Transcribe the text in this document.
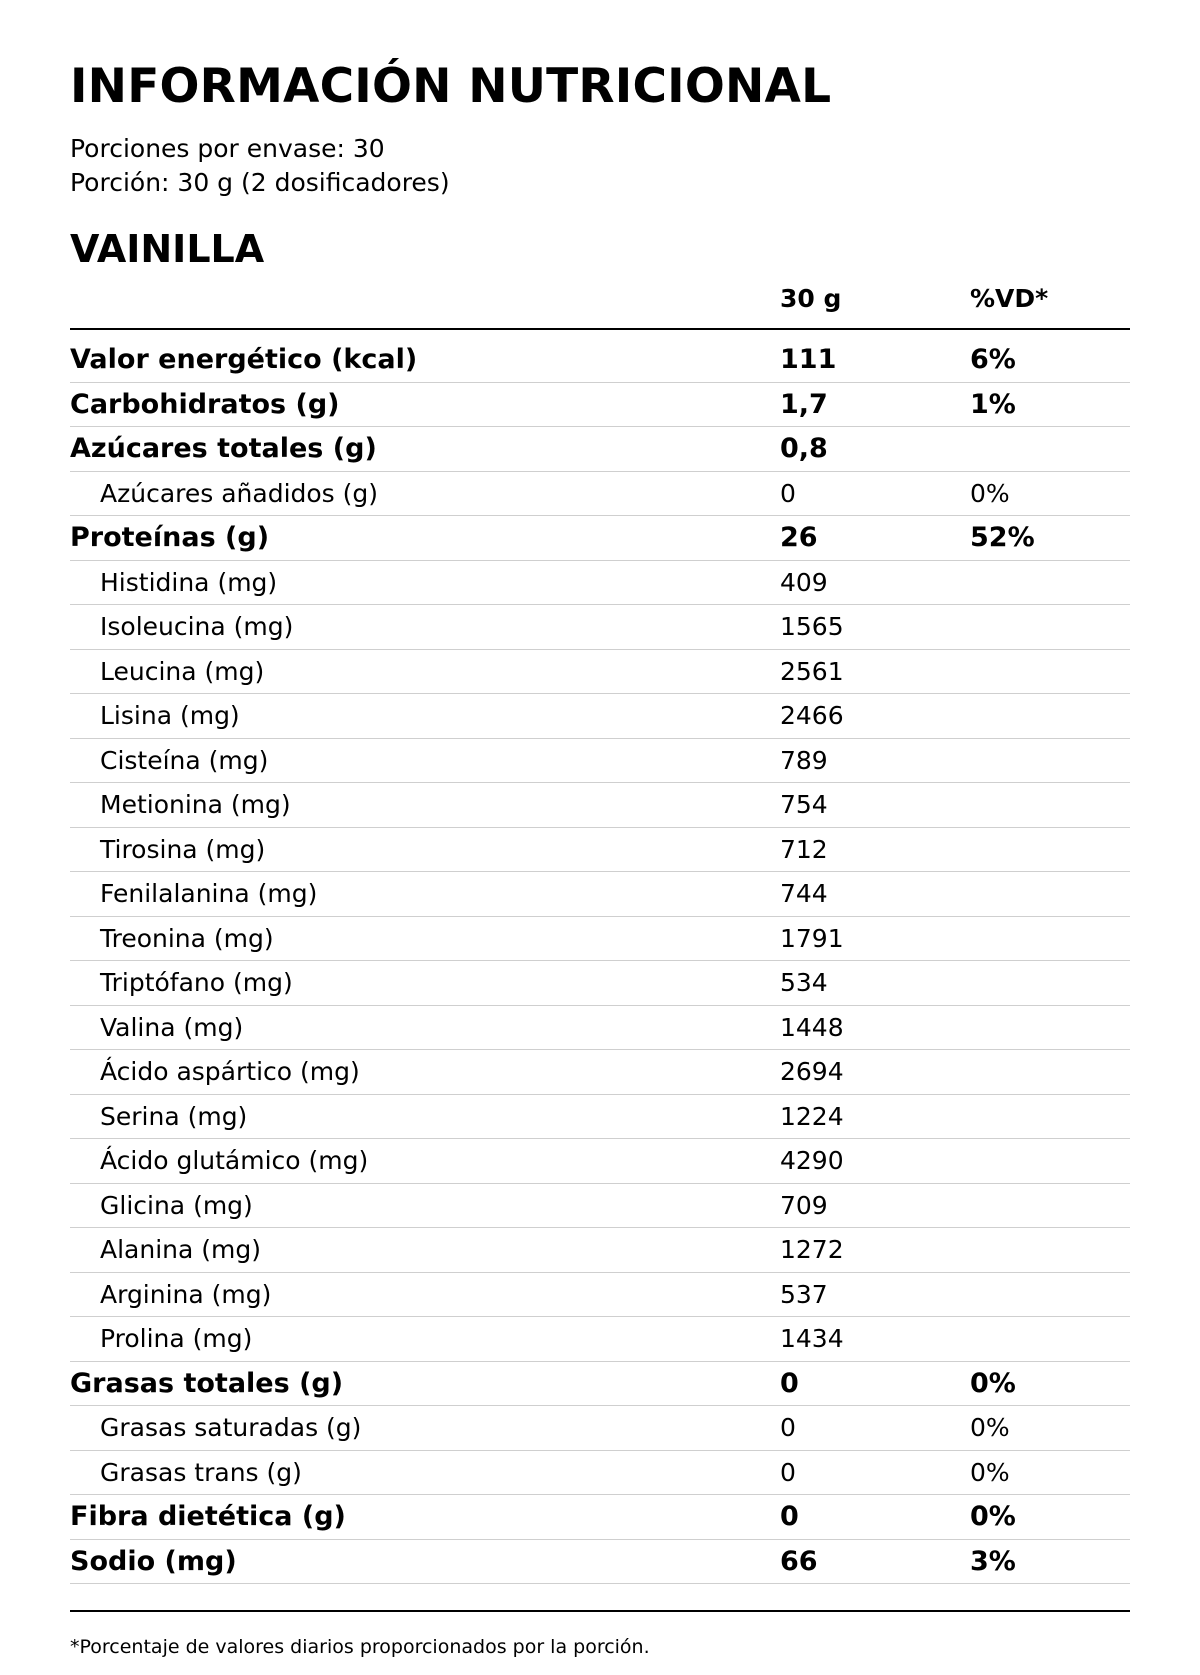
INFORMACIÓN NUTRICIONAL

Porciones por envase: 30

Porción: 30 g (2 dosificadores)

VAINILLA
30 g	%VD*
Valor energético (kcal)	111	6%
Carbohidratos (g)	1,7	1%
Azúcares totales (g)	0,8
Azúcares añadidos (g)	0	0%
Proteínas (g)	26	52%
Histidina (mg)	409
Isoleucina (mg)	1565
Leucina (mg)	2561
Lisina (mg)	2466
Cisteína (mg)	789
Metionina (mg)	754
Tirosina (mg)	712
Fenilalanina (mg)	744
Treonina (mg)	1791
Triptófano (mg)	534
Valina (mg)	1448
Ácido aspártico (mg)	2694
Serina (mg)	1224
Ácido glutámico (mg)	4290
Glicina (mg)	709
Alanina (mg)	1272
Arginina (mg)	537
Prolina (mg)	1434
Grasas totales (g)	0	0%
Grasas saturadas (g)	0	0%
Grasas trans (g)	0	0%
Fibra dietética (g)	0	0%
Sodio (mg)	66	3%
*Porcentaje de valores diarios proporcionados por la porción.
